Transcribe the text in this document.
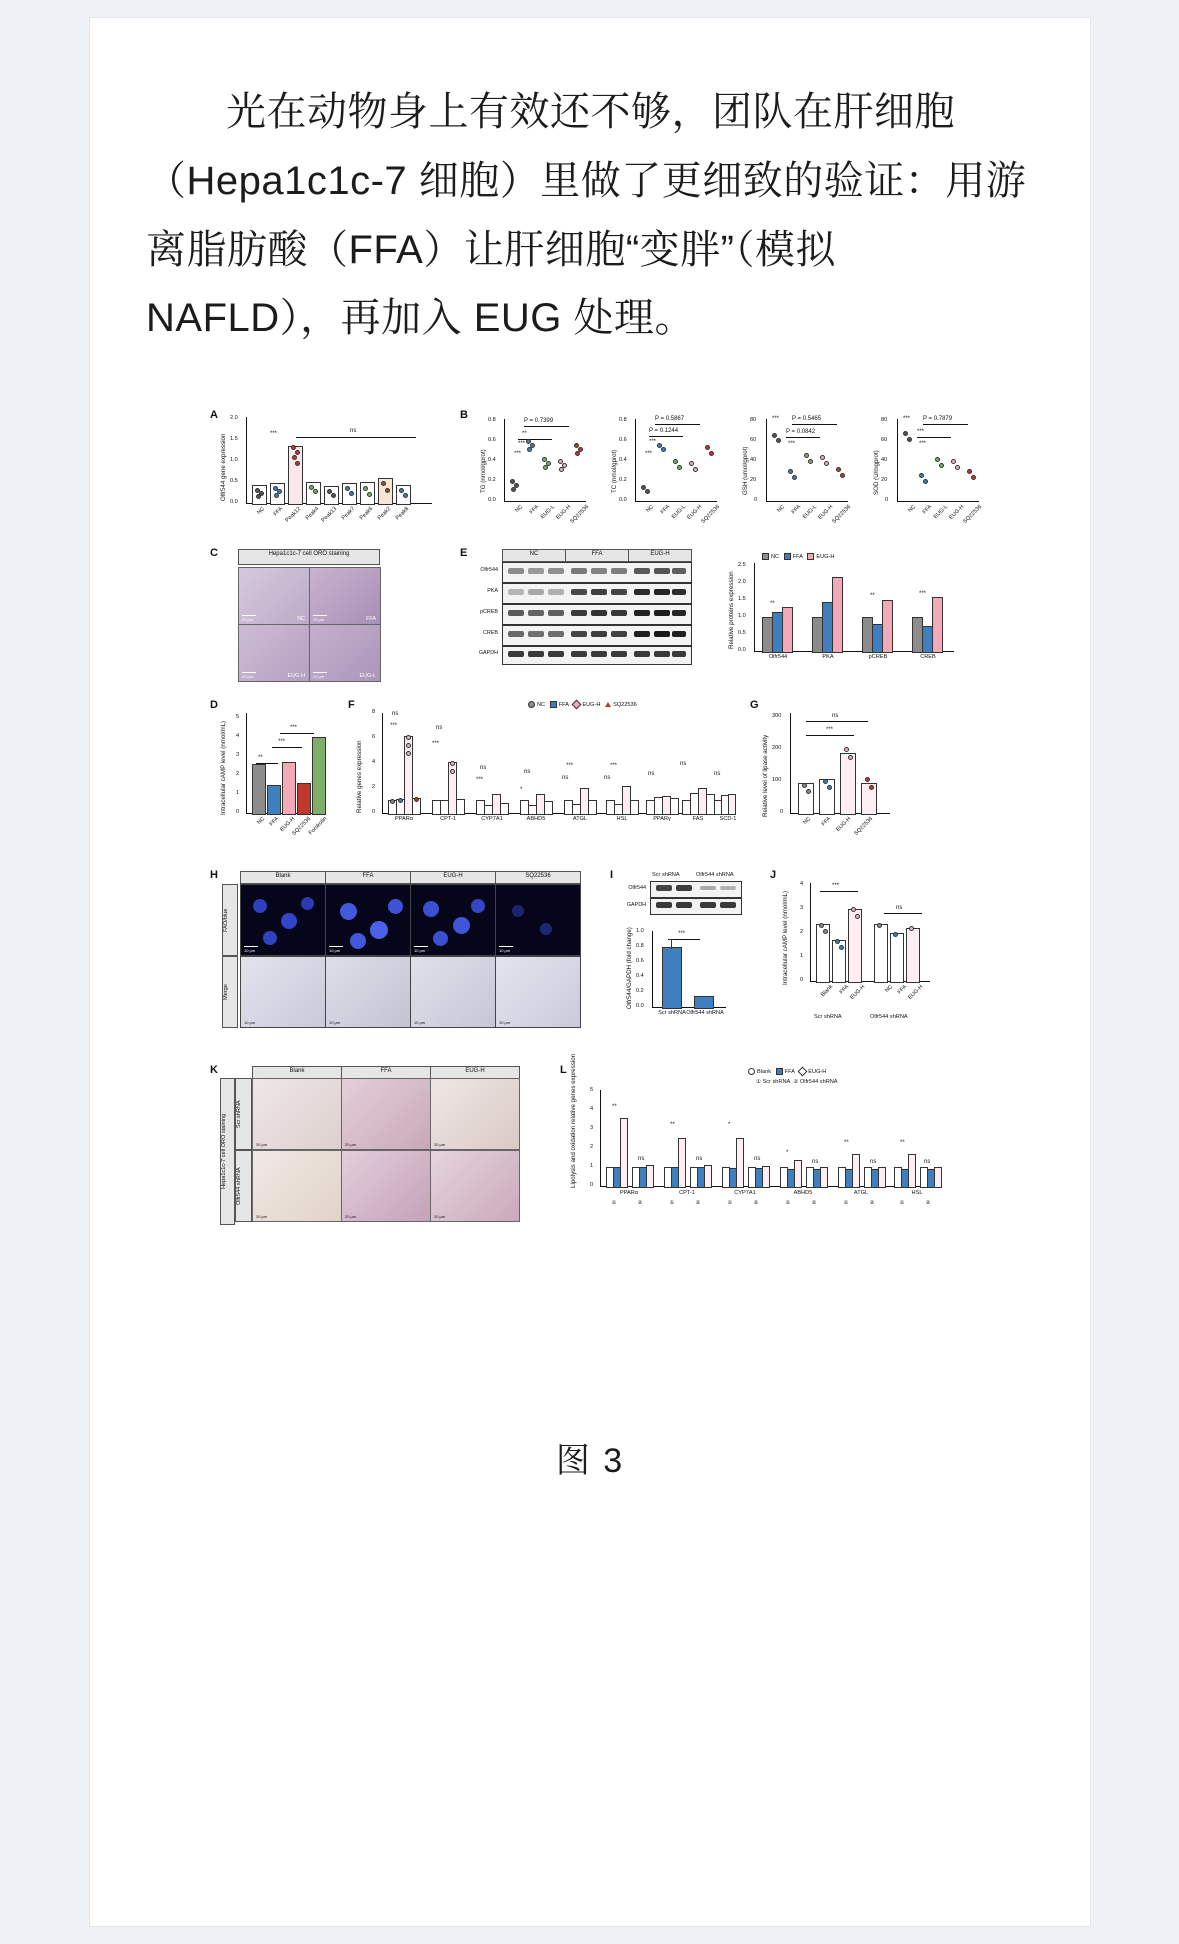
光在动物身上有效还不够，团队在肝细胞（Hepa1c1c-7 细胞）里做了更细致的验证：用游离脂肪酸（FFA）让肝细胞“变胖”（模拟 NAFLD），再加入 EUG 处理。

A
Olfr544 gene expression
0.0
0.5
1.0
1.5
2.0
***	ns
NC	FFA Peak12 Peak4 Peak13 Peak7 Peak6 Peak2 Peak8
B
TG (nmol/gprot)
0.0
0.2
0.4
0.6
0.8	P = 0.7399
**
***
***
NC FFA EUG-L EUG-H
SQ22536
TC (nmol/gprot)
0.0
0.2
0.4
0.6
0.8	P = 0.5867
P = 0.1244
***
***
NC FFA EUG-L EUG-H
SQ22536
GSH (umol/gprot)
0
20
40
60
80	*** P = 0.5465
P = 0.0842
***
NC FFA EUG-L EUG-H
SQ22536
SOD (U/mgprot)
0
20
40
60
80	*** P = 0.7879
***
***
NC FFA EUG-L EUG-H
SQ22536
C	Hepa1c1c-7 cell ORO staining
NC
20 μm	FFA
20 μm
EUG-H
20 μm	EUG-L
20 μm
E	NC	FFA	EUG-H
Olfr544
PKA
pCREB
CREB
GAPDH
NC FFA EUG-H
Relative proteins expression
0.0
0.5
1.0
1.5
2.0
2.5
**
Olfr544	PKA
**
pCREB
***
CREB
D
Intracellular cAMP level (nmol/mL) 0
1
2
3
4
5
**
***
***
NC FFA EUG-H
SQ22536
Forskolin
F	NC FFA EUG-H SQ22536
Relative genes expression 0
2
4
6
8	ns
***	ns
***
ns
***
ns
*
***
ns
***
ns
ns
ns
ns
PPARα	CPT-1	CYP7A1	ABHD5	ATGL	HSL	PPARγ	FAS	SCD-1
G
Relative level of lipase activity 0
100
200
300	ns
***
NC	FFA EUG-H SQ22536
H	Blank	FFA	EUG-H	SQ22536
FAO/blue
Merge
10 μm	10 μm	10 μm	10 μm
10 μm	10 μm	10 μm	10 μm
I	Scr shRNA	Olfr544 shRNA
Olfr544
GAPDH
Olfr544/GAPDH (fold change) 0.0
0.2
0.4
0.6
0.8
1.0	***
Scr shRNA Olfr544 shRNA
J
Intracellular cAMP level (nmol/mL) 0
1
2
3
4	***
ns
Blank FFA EUG-H	NC FFA EUG-H
Scr shRNA	Olfr544 shRNA
K
Hepa1c1c-7 cell ORO staining
Blank	FFA	EUG-H
Scr shRNA
Olfr544 shRNA
20 μm	20 μm	20 μm
20 μm	20 μm	20 μm
L	Blank FFA EUG-H
① Scr shRNA ② Olfr544 shRNA
Lipolysis and oxidation relative genes expression 0
1
2
3
4
5
**
ns
**
ns
*
ns
*
ns
**
ns
**
ns
PPARα
①	②
CPT-1
①	②
CYP7A1
①	②
ABHD5
①	②
ATGL
①	②
HSL
①	②
图 3
